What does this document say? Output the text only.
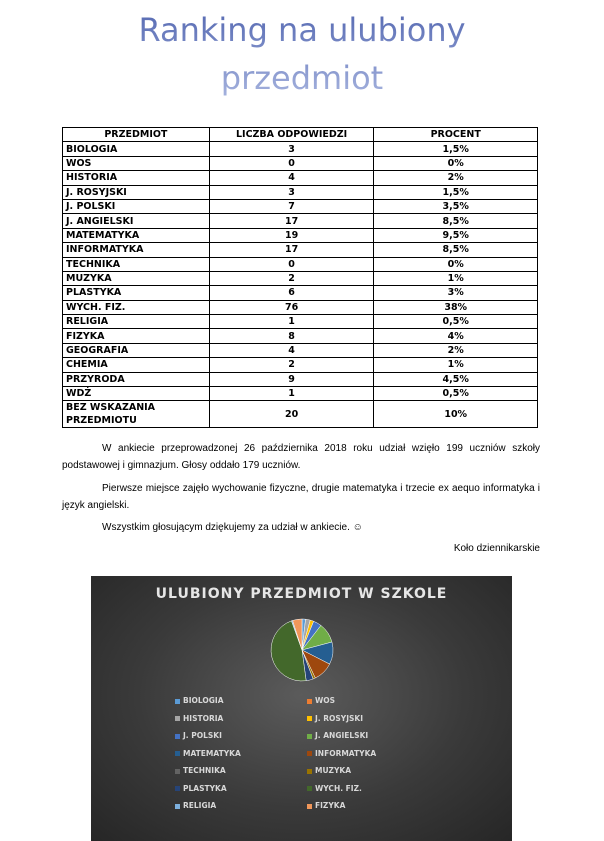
Ranking na ulubiony
przedmiot
PRZEDMIOT	LICZBA ODPOWIEDZI	PROCENT
BIOLOGIA	3	1,5%
WOS	0	0%
HISTORIA	4	2%
J. ROSYJSKI	3	1,5%
J. POLSKI	7	3,5%
J. ANGIELSKI	17	8,5%
MATEMATYKA	19	9,5%
INFORMATYKA	17	8,5%
TECHNIKA	0	0%
MUZYKA	2	1%
PLASTYKA	6	3%
WYCH. FIZ.	76	38%
RELIGIA	1	0,5%
FIZYKA	8	4%
GEOGRAFIA	4	2%
CHEMIA	2	1%
PRZYRODA	9	4,5%
WDŻ	1	0,5%
BEZ WSKAZANIA PRZEDMIOTU	20	10%
W ankiecie przeprowadzonej 26 października 2018 roku udział wzięło 199 uczniów szkoły podstawowej i gimnazjum. Głosy oddało 179 uczniów.
Pierwsze miejsce zajęło wychowanie fizyczne, drugie matematyka i trzecie ex aequo informatyka i język angielski.
Wszystkim głosującym dziękujemy za udział w ankiecie. ☺
Koło dziennikarskie
ULUBIONY PRZEDMIOT W SZKOLE
BIOLOGIA	WOS
HISTORIA	J. ROSYJSKI
J. POLSKI	J. ANGIELSKI
MATEMATYKA	INFORMATYKA
TECHNIKA	MUZYKA
PLASTYKA	WYCH. FIZ.
RELIGIA	FIZYKA
